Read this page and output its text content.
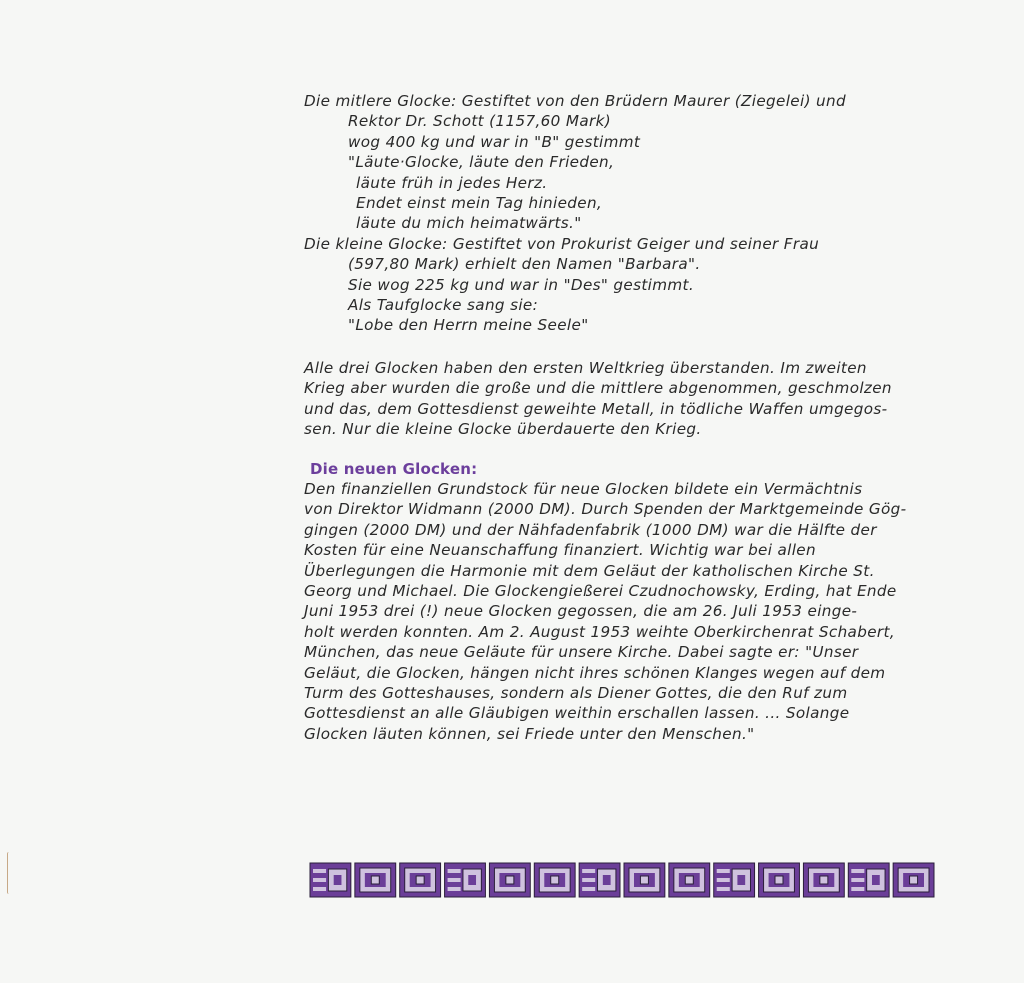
Die mitlere Glocke: Gestiftet von den Brüdern Maurer (Ziegelei) und
Rektor Dr. Schott (1157,60 Mark)
wog 400 kg und war in "B" gestimmt
"Läute·Glocke, läute den Frieden,
läute früh in jedes Herz.
Endet einst mein Tag hinieden,
läute du mich heimatwärts."
Die kleine Glocke: Gestiftet von Prokurist Geiger und seiner Frau
(597,80 Mark) erhielt den Namen "Barbara".
Sie wog 225 kg und war in "Des" gestimmt.
Als Taufglocke sang sie:
"Lobe den Herrn meine Seele"
Alle drei Glocken haben den ersten Weltkrieg überstanden. Im zweiten
Krieg aber wurden die große und die mittlere abgenommen, geschmolzen
und das, dem Gottesdienst geweihte Metall, in tödliche Waffen umgegos-
sen. Nur die kleine Glocke überdauerte den Krieg.
Die neuen Glocken:
Den finanziellen Grundstock für neue Glocken bildete ein Vermächtnis
von Direktor Widmann (2000 DM). Durch Spenden der Marktgemeinde Gög-
gingen (2000 DM) und der Nähfadenfabrik (1000 DM) war die Hälfte der
Kosten für eine Neuanschaffung finanziert. Wichtig war bei allen
Überlegungen die Harmonie mit dem Geläut der katholischen Kirche St.
Georg und Michael. Die Glockengießerei Czudnochowsky, Erding, hat Ende
Juni 1953 drei (!) neue Glocken gegossen, die am 26. Juli 1953 einge-
holt werden konnten. Am 2. August 1953 weihte Oberkirchenrat Schabert,
München, das neue Geläute für unsere Kirche. Dabei sagte er: "Unser
Geläut, die Glocken, hängen nicht ihres schönen Klanges wegen auf dem
Turm des Gotteshauses, sondern als Diener Gottes, die den Ruf zum
Gottesdienst an alle Gläubigen weithin erschallen lassen. ... Solange
Glocken läuten können, sei Friede unter den Menschen."
